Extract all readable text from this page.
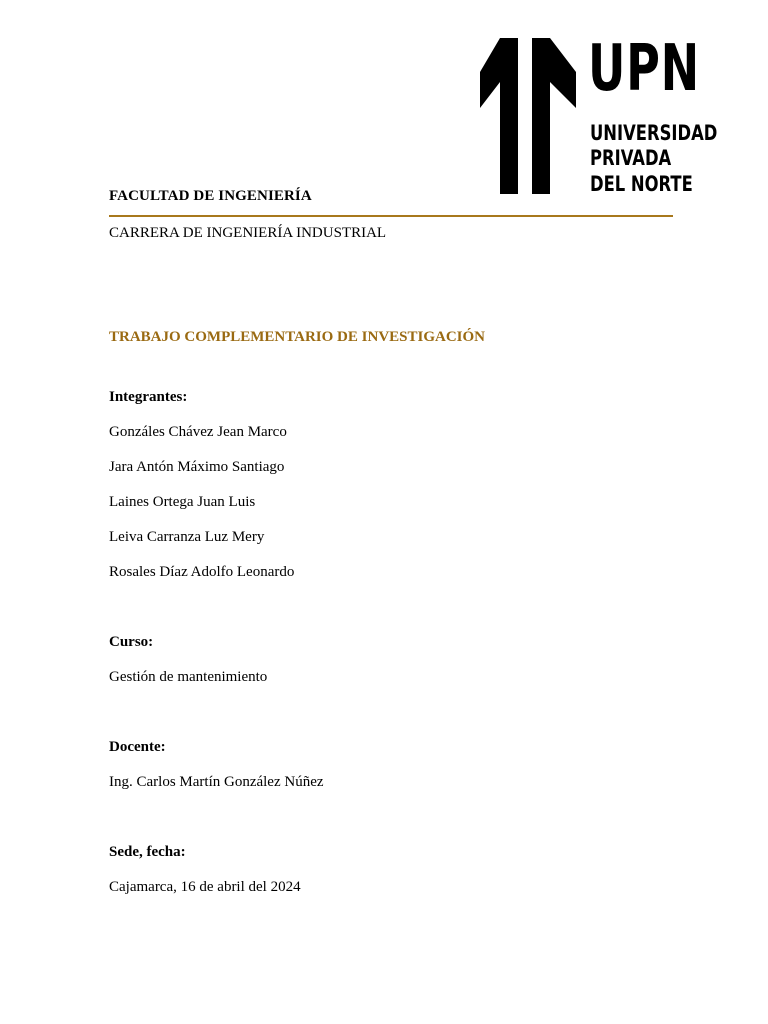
UPN
UNIVERSIDAD
PRIVADA
DEL NORTE
FACULTAD DE INGENIERÍA
CARRERA DE INGENIERÍA INDUSTRIAL
TRABAJO COMPLEMENTARIO DE INVESTIGACIÓN
Integrantes:
Gonzáles Chávez Jean Marco
Jara Antón Máximo Santiago
Laines Ortega Juan Luis
Leiva Carranza Luz Mery
Rosales Díaz Adolfo Leonardo
Curso:
Gestión de mantenimiento
Docente:
Ing. Carlos Martín González Núñez
Sede, fecha:
Cajamarca, 16 de abril del 2024
